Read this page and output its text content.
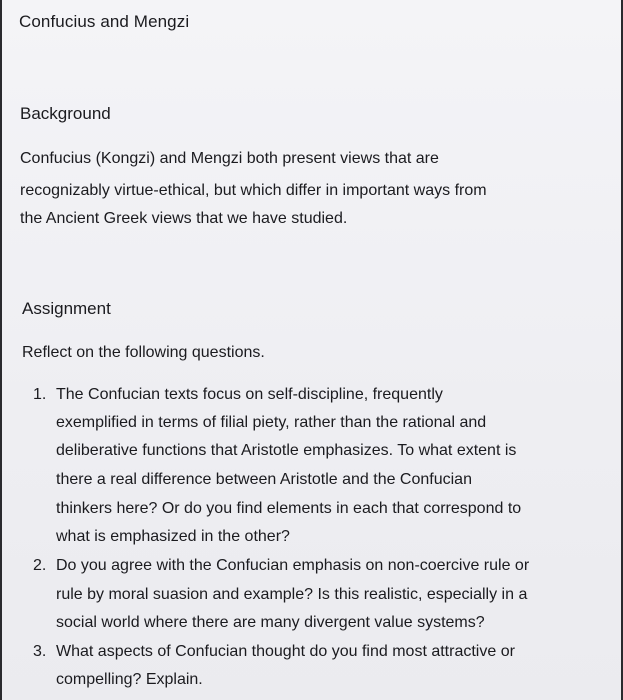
Confucius and Mengzi
Background
Confucius (Kongzi) and Mengzi both present views that are
recognizably virtue-ethical, but which differ in important ways from
the Ancient Greek views that we have studied.
Assignment
Reflect on the following questions.
1. The Confucian texts focus on self-discipline, frequently
exemplified in terms of filial piety, rather than the rational and
deliberative functions that Aristotle emphasizes. To what extent is
there a real difference between Aristotle and the Confucian
thinkers here? Or do you find elements in each that correspond to
what is emphasized in the other?
2. Do you agree with the Confucian emphasis on non-coercive rule or
rule by moral suasion and example? Is this realistic, especially in a
social world where there are many divergent value systems?
3. What aspects of Confucian thought do you find most attractive or
compelling? Explain.
